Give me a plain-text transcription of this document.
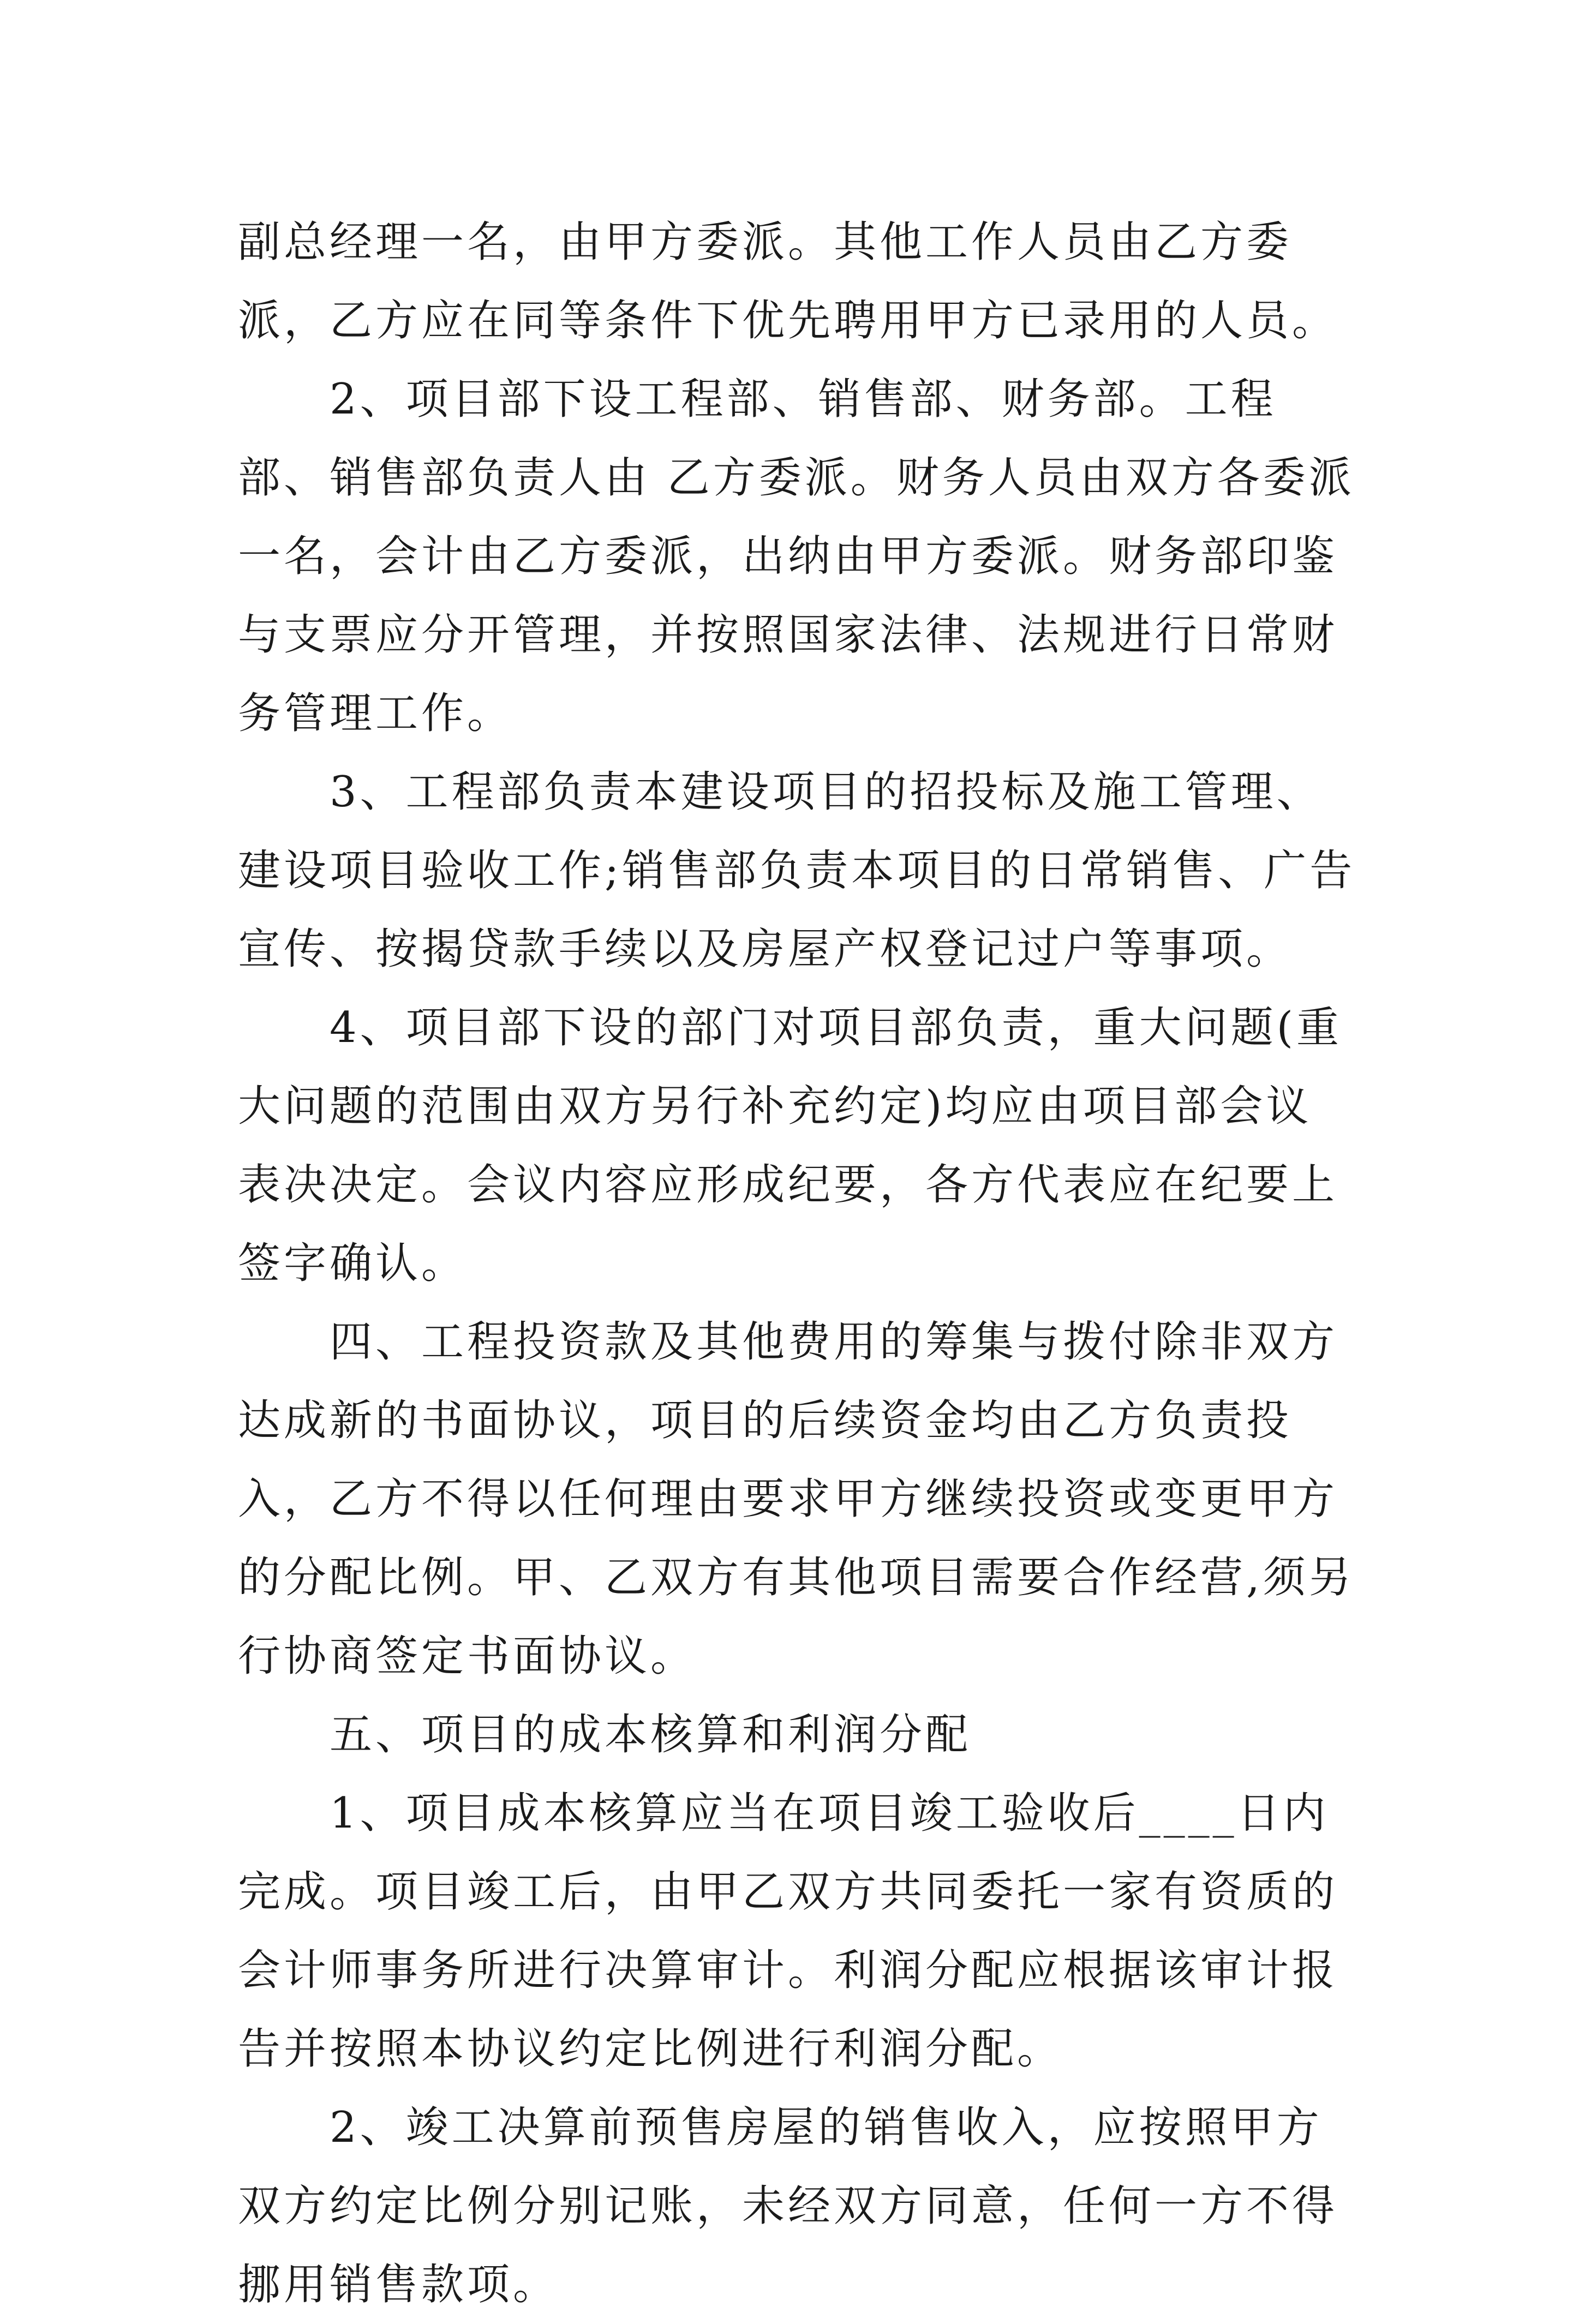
副总经理一名，由甲方委派。其他工作人员由乙方委派，乙方应在同等条件下优先聘用甲方已录用的人员。

2、项目部下设工程部、销售部、财务部。工程部、销售部负责人由 乙方委派。财务人员由双方各委派一名，会计由乙方委派，出纳由甲方委派。财务部印鉴与支票应分开管理，并按照国家法律、法规进行日常财务管理工作。

3、工程部负责本建设项目的招投标及施工管理、建设项目验收工作;销售部负责本项目的日常销售、广告宣传、按揭贷款手续以及房屋产权登记过户等事项。

4、项目部下设的部门对项目部负责，重大问题(重大问题的范围由双方另行补充约定)均应由项目部会议表决决定。会议内容应形成纪要，各方代表应在纪要上签字确认。

四、工程投资款及其他费用的筹集与拨付除非双方达成新的书面协议，项目的后续资金均由乙方负责投入，乙方不得以任何理由要求甲方继续投资或变更甲方的分配比例。甲、乙双方有其他项目需要合作经营,须另行协商签定书面协议。

五、项目的成本核算和利润分配

1、项目成本核算应当在项目竣工验收后____日内完成。项目竣工后，由甲乙双方共同委托一家有资质的会计师事务所进行决算审计。利润分配应根据该审计报告并按照本协议约定比例进行利润分配。

2、竣工决算前预售房屋的销售收入，应按照甲方双方约定比例分别记账，未经双方同意，任何一方不得挪用销售款项。
